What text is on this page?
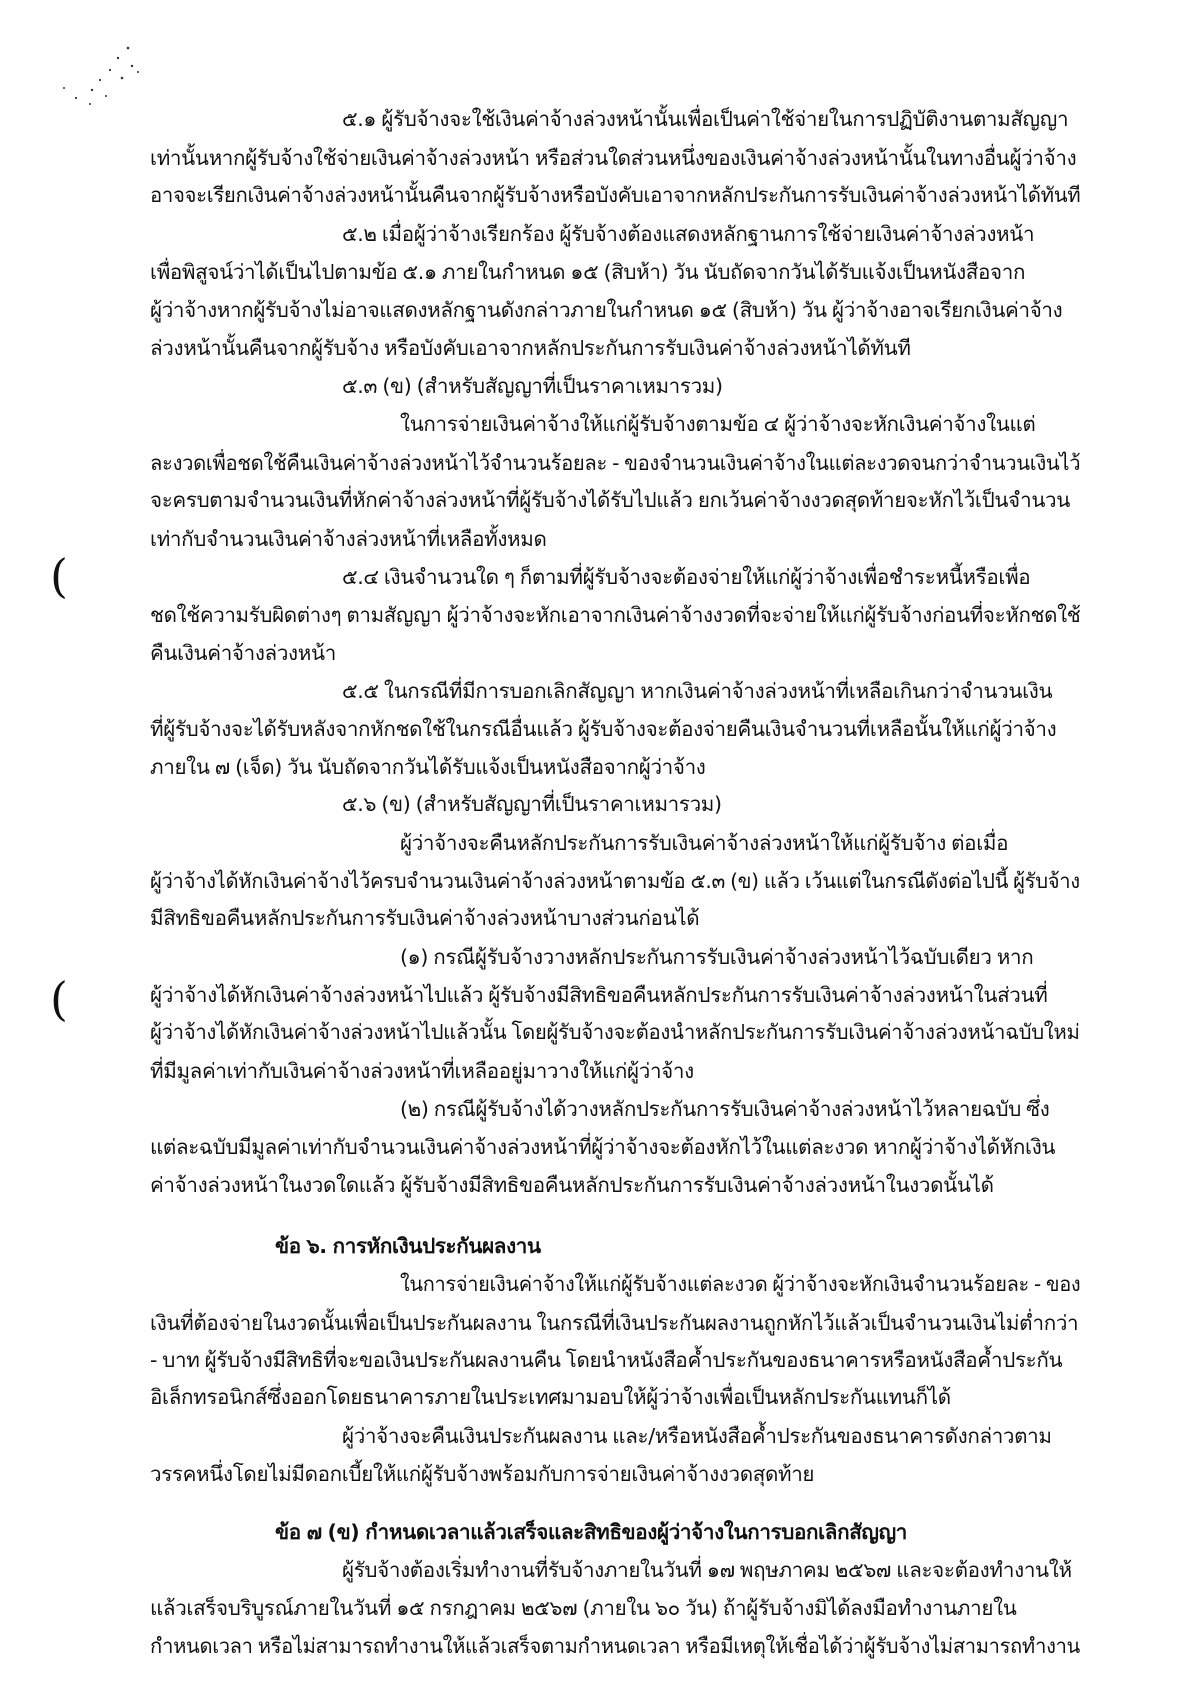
๕.๑ ผู้รับจ้างจะใช้เงินค่าจ้างล่วงหน้านั้นเพื่อเป็นค่าใช้จ่ายในการปฏิบัติงานตามสัญญา
เท่านั้นหากผู้รับจ้างใช้จ่ายเงินค่าจ้างล่วงหน้า หรือส่วนใดส่วนหนึ่งของเงินค่าจ้างล่วงหน้านั้นในทางอื่นผู้ว่าจ้าง
อาจจะเรียกเงินค่าจ้างล่วงหน้านั้นคืนจากผู้รับจ้างหรือบังคับเอาจากหลักประกันการรับเงินค่าจ้างล่วงหน้าได้ทันที
๕.๒ เมื่อผู้ว่าจ้างเรียกร้อง ผู้รับจ้างต้องแสดงหลักฐานการใช้จ่ายเงินค่าจ้างล่วงหน้า
เพื่อพิสูจน์ว่าได้เป็นไปตามข้อ ๕.๑ ภายในกำหนด ๑๕ (สิบห้า) วัน นับถัดจากวันได้รับแจ้งเป็นหนังสือจาก
ผู้ว่าจ้างหากผู้รับจ้างไม่อาจแสดงหลักฐานดังกล่าวภายในกำหนด ๑๕ (สิบห้า) วัน ผู้ว่าจ้างอาจเรียกเงินค่าจ้าง
ล่วงหน้านั้นคืนจากผู้รับจ้าง หรือบังคับเอาจากหลักประกันการรับเงินค่าจ้างล่วงหน้าได้ทันที
๕.๓ (ข) (สำหรับสัญญาที่เป็นราคาเหมารวม)
ในการจ่ายเงินค่าจ้างให้แก่ผู้รับจ้างตามข้อ ๔ ผู้ว่าจ้างจะหักเงินค่าจ้างในแต่
ละงวดเพื่อชดใช้คืนเงินค่าจ้างล่วงหน้าไว้จำนวนร้อยละ - ของจำนวนเงินค่าจ้างในแต่ละงวดจนกว่าจำนวนเงินไว้
จะครบตามจำนวนเงินที่หักค่าจ้างล่วงหน้าที่ผู้รับจ้างได้รับไปแล้ว ยกเว้นค่าจ้างงวดสุดท้ายจะหักไว้เป็นจำนวน
เท่ากับจำนวนเงินค่าจ้างล่วงหน้าที่เหลือทั้งหมด
๕.๔ เงินจำนวนใด ๆ ก็ตามที่ผู้รับจ้างจะต้องจ่ายให้แก่ผู้ว่าจ้างเพื่อชำระหนี้หรือเพื่อ
ชดใช้ความรับผิดต่างๆ ตามสัญญา ผู้ว่าจ้างจะหักเอาจากเงินค่าจ้างงวดที่จะจ่ายให้แก่ผู้รับจ้างก่อนที่จะหักชดใช้
คืนเงินค่าจ้างล่วงหน้า
๕.๕ ในกรณีที่มีการบอกเลิกสัญญา หากเงินค่าจ้างล่วงหน้าที่เหลือเกินกว่าจำนวนเงิน
ที่ผู้รับจ้างจะได้รับหลังจากหักชดใช้ในกรณีอื่นแล้ว ผู้รับจ้างจะต้องจ่ายคืนเงินจำนวนที่เหลือนั้นให้แก่ผู้ว่าจ้าง
ภายใน ๗ (เจ็ด) วัน นับถัดจากวันได้รับแจ้งเป็นหนังสือจากผู้ว่าจ้าง
๕.๖ (ข) (สำหรับสัญญาที่เป็นราคาเหมารวม)
ผู้ว่าจ้างจะคืนหลักประกันการรับเงินค่าจ้างล่วงหน้าให้แก่ผู้รับจ้าง ต่อเมื่อ
ผู้ว่าจ้างได้หักเงินค่าจ้างไว้ครบจำนวนเงินค่าจ้างล่วงหน้าตามข้อ ๕.๓ (ข) แล้ว เว้นแต่ในกรณีดังต่อไปนี้ ผู้รับจ้าง
มีสิทธิขอคืนหลักประกันการรับเงินค่าจ้างล่วงหน้าบางส่วนก่อนได้
(๑) กรณีผู้รับจ้างวางหลักประกันการรับเงินค่าจ้างล่วงหน้าไว้ฉบับเดียว หาก
ผู้ว่าจ้างได้หักเงินค่าจ้างล่วงหน้าไปแล้ว ผู้รับจ้างมีสิทธิขอคืนหลักประกันการรับเงินค่าจ้างล่วงหน้าในส่วนที่
ผู้ว่าจ้างได้หักเงินค่าจ้างล่วงหน้าไปแล้วนั้น โดยผู้รับจ้างจะต้องนำหลักประกันการรับเงินค่าจ้างล่วงหน้าฉบับใหม่
ที่มีมูลค่าเท่ากับเงินค่าจ้างล่วงหน้าที่เหลืออยู่มาวางให้แก่ผู้ว่าจ้าง
(๒) กรณีผู้รับจ้างได้วางหลักประกันการรับเงินค่าจ้างล่วงหน้าไว้หลายฉบับ ซึ่ง
แต่ละฉบับมีมูลค่าเท่ากับจำนวนเงินค่าจ้างล่วงหน้าที่ผู้ว่าจ้างจะต้องหักไว้ในแต่ละงวด หากผู้ว่าจ้างได้หักเงิน
ค่าจ้างล่วงหน้าในงวดใดแล้ว ผู้รับจ้างมีสิทธิขอคืนหลักประกันการรับเงินค่าจ้างล่วงหน้าในงวดนั้นได้
ข้อ ๖. การหักเงินประกันผลงาน
ในการจ่ายเงินค่าจ้างให้แก่ผู้รับจ้างแต่ละงวด ผู้ว่าจ้างจะหักเงินจำนวนร้อยละ - ของ
เงินที่ต้องจ่ายในงวดนั้นเพื่อเป็นประกันผลงาน ในกรณีที่เงินประกันผลงานถูกหักไว้แล้วเป็นจำนวนเงินไม่ต่ำกว่า
- บาท ผู้รับจ้างมีสิทธิที่จะขอเงินประกันผลงานคืน โดยนำหนังสือค้ำประกันของธนาคารหรือหนังสือค้ำประกัน
อิเล็กทรอนิกส์ซึ่งออกโดยธนาคารภายในประเทศมามอบให้ผู้ว่าจ้างเพื่อเป็นหลักประกันแทนก็ได้
ผู้ว่าจ้างจะคืนเงินประกันผลงาน และ/หรือหนังสือค้ำประกันของธนาคารดังกล่าวตาม
วรรคหนึ่งโดยไม่มีดอกเบี้ยให้แก่ผู้รับจ้างพร้อมกับการจ่ายเงินค่าจ้างงวดสุดท้าย
ข้อ ๗ (ข) กำหนดเวลาแล้วเสร็จและสิทธิของผู้ว่าจ้างในการบอกเลิกสัญญา
ผู้รับจ้างต้องเริ่มทำงานที่รับจ้างภายในวันที่ ๑๗ พฤษภาคม ๒๕๖๗ และจะต้องทำงานให้
แล้วเสร็จบริบูรณ์ภายในวันที่ ๑๕ กรกฎาคม ๒๕๖๗ (ภายใน ๖๐ วัน) ถ้าผู้รับจ้างมิได้ลงมือทำงานภายใน
กำหนดเวลา หรือไม่สามารถทำงานให้แล้วเสร็จตามกำหนดเวลา หรือมีเหตุให้เชื่อได้ว่าผู้รับจ้างไม่สามารถทำงาน
(
(
